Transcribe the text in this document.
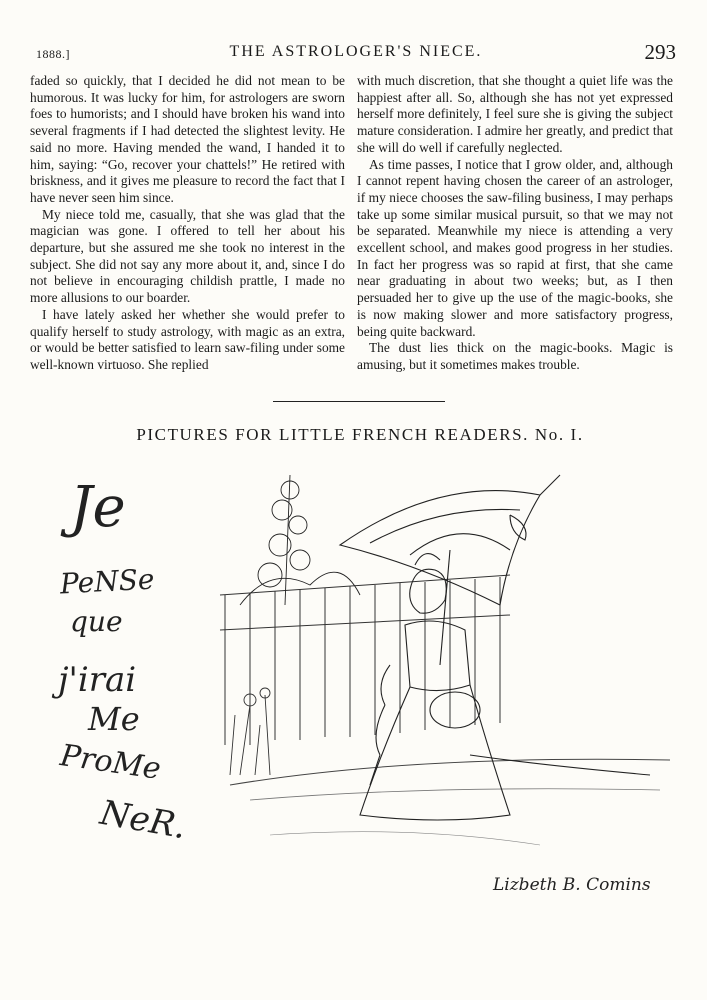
1888.]	THE ASTROLOGER'S NIECE.	293

faded so quickly, that I decided he did not mean to be humorous. It was lucky for him, for astrologers are sworn foes to humorists; and I should have broken his wand into several fragments if I had detected the slightest levity. He said no more. Having mended the wand, I handed it to him, saying: “Go, recover your chattels!” He retired with briskness, and it gives me pleasure to record the fact that I have never seen him since.

My niece told me, casually, that she was glad that the magician was gone. I offered to tell her about his departure, but she assured me she took no interest in the subject. She did not say any more about it, and, since I do not believe in encouraging childish prattle, I made no more allusions to our boarder.

I have lately asked her whether she would prefer to qualify herself to study astrology, with magic as an extra, or would be better satisfied to learn saw-filing under some well-known virtuoso. She replied

with much discretion, that she thought a quiet life was the happiest after all. So, although she has not yet expressed herself more definitely, I feel sure she is giving the subject mature consideration. I admire her greatly, and predict that she will do well if carefully neglected.

As time passes, I notice that I grow older, and, although I cannot repent having chosen the career of an astrologer, if my niece chooses the saw-filing business, I may perhaps take up some similar musical pursuit, so that we may not be separated. Meanwhile my niece is attending a very excellent school, and makes good progress in her studies. In fact her progress was so rapid at first, that she came near graduating in about two weeks; but, as I then persuaded her to give up the use of the magic-books, she is now making slower and more satisfactory progress, being quite backward.

The dust lies thick on the magic-books. Magic is amusing, but it sometimes makes trouble.

PICTURES FOR LITTLE FRENCH READERS. No. I.
Je
PeNSe
que
j'irai
Me
ProMe
NeR.
Lizbeth B. Comins
